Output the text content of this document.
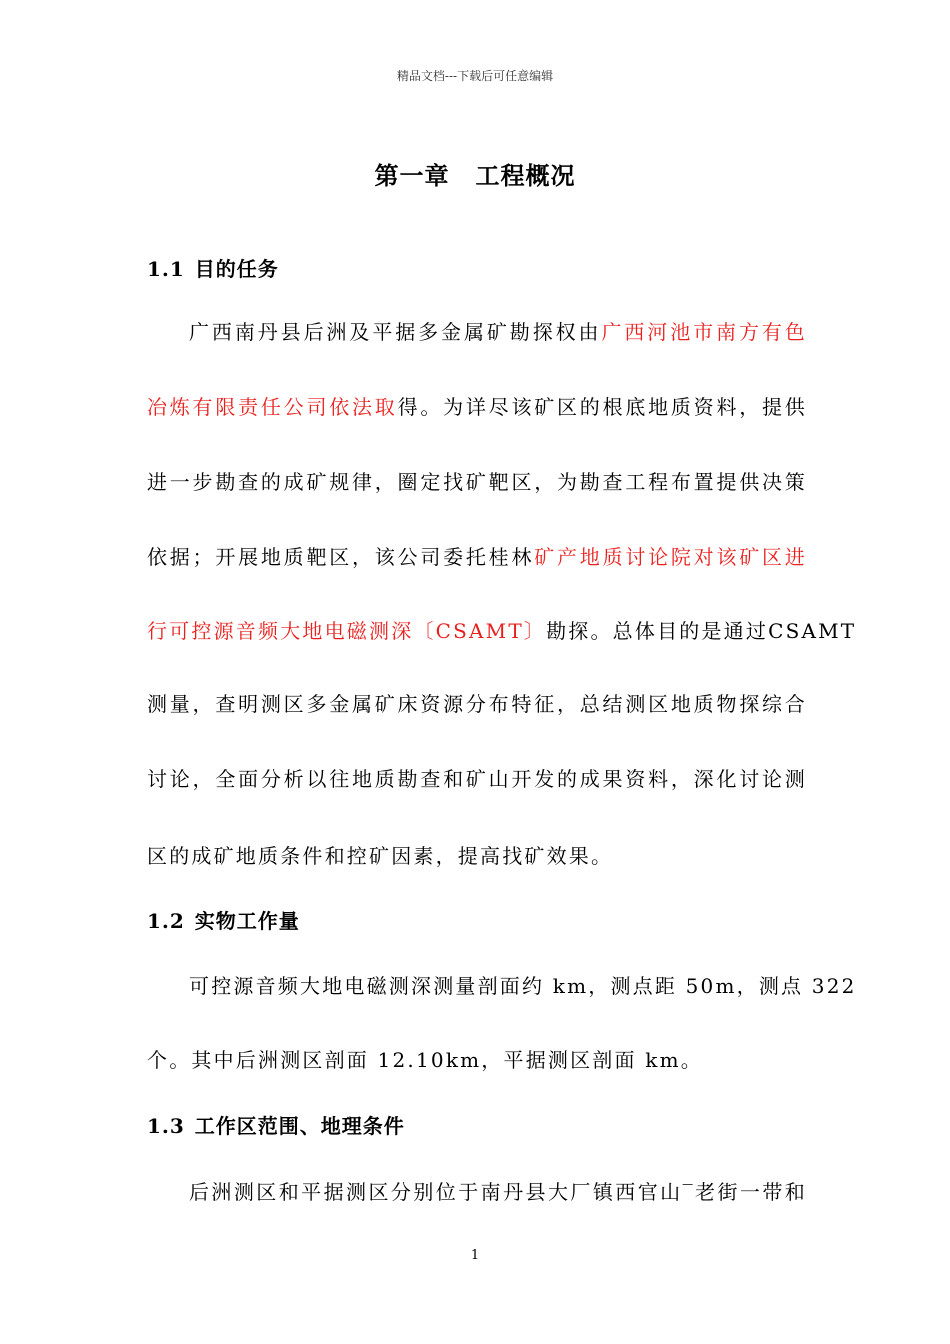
精品文档---下载后可任意编辑
第一章 工程概况
1.1 目的任务
广西南丹县后洲及平据多金属矿勘探权由广西河池市南方有色
冶炼有限责任公司依法取得。为详尽该矿区的根底地质资料，提供
进一步勘查的成矿规律，圈定找矿靶区，为勘查工程布置提供决策
依据；开展地质靶区，该公司委托桂林矿产地质讨论院对该矿区进
行可控源音频大地电磁测深〔CSAMT〕勘探。总体目的是通过CSAMT
测量，查明测区多金属矿床资源分布特征，总结测区地质物探综合
讨论，全面分析以往地质勘查和矿山开发的成果资料，深化讨论测
区的成矿地质条件和控矿因素，提高找矿效果。
1.2 实物工作量
可控源音频大地电磁测深测量剖面约 km，测点距 50m，测点 322
个。其中后洲测区剖面 12.10km，平据测区剖面 km。
1.3 工作区范围、地理条件
后洲测区和平据测区分别位于南丹县大厂镇西官山‾老街一带和
1
